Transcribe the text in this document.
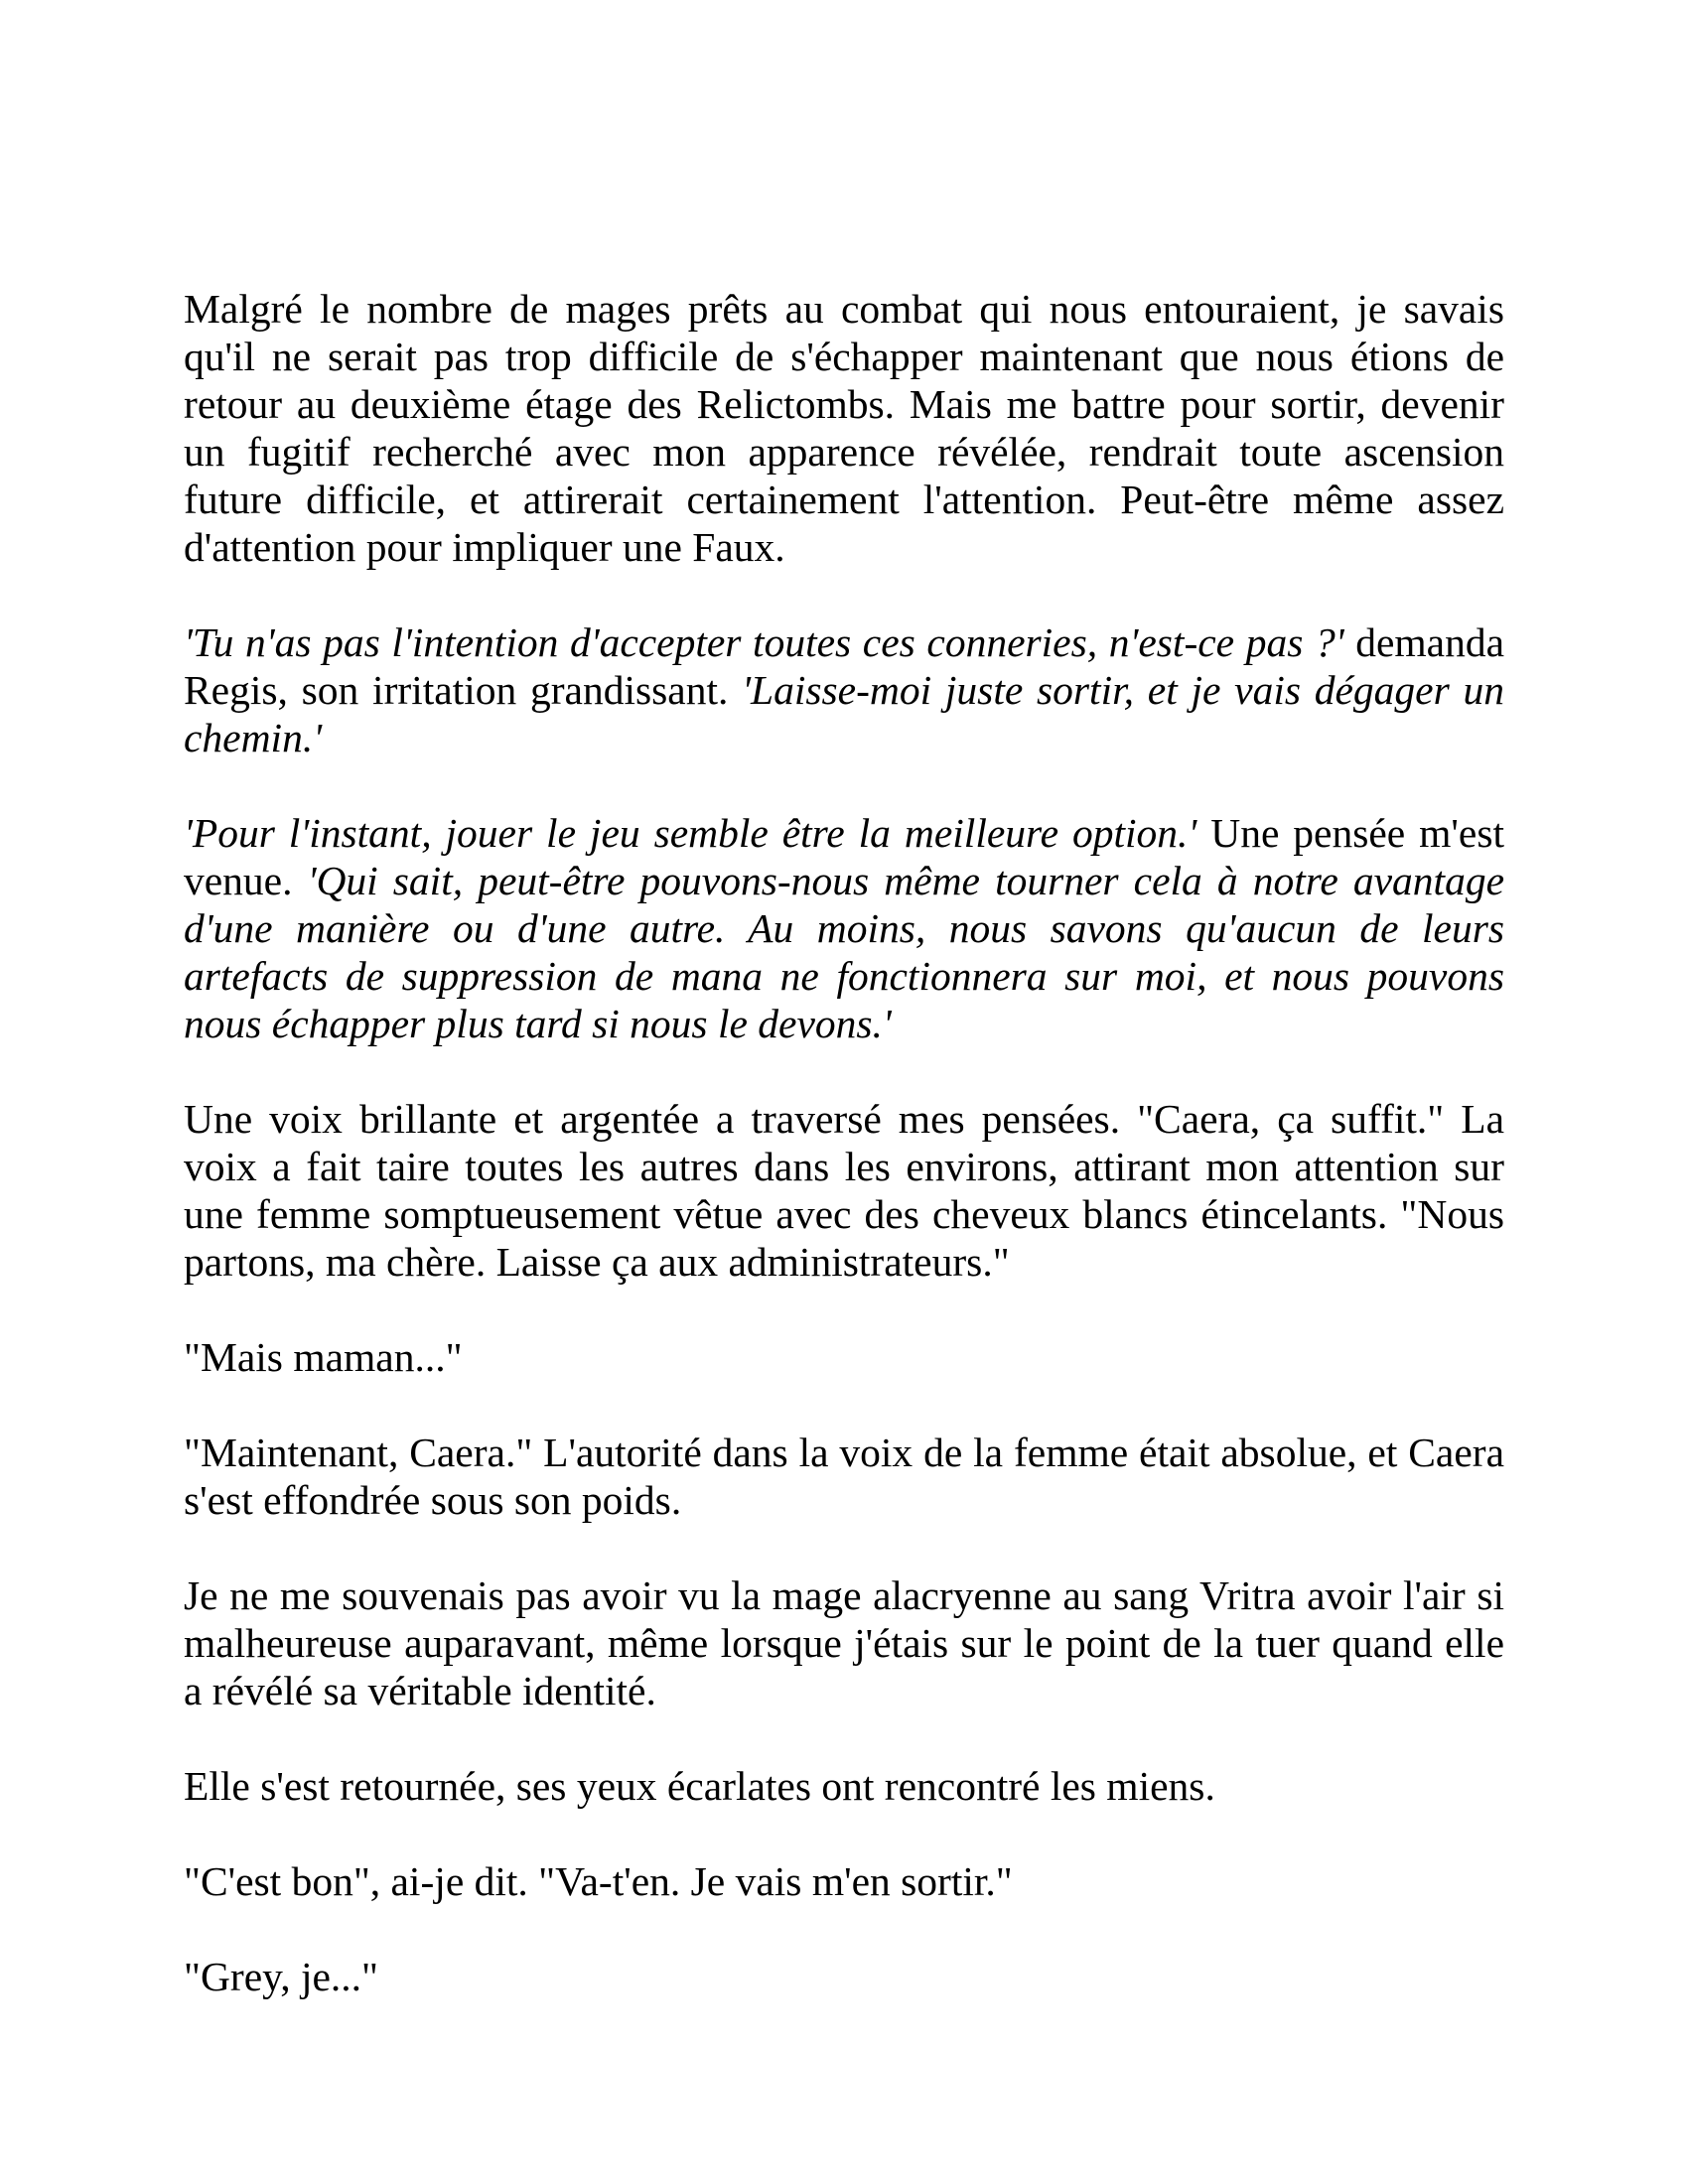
Malgré le nombre de mages prêts au combat qui nous entouraient, je savais qu'il ne serait pas trop difficile de s'échapper maintenant que nous étions de retour au deuxième étage des Relictombs. Mais me battre pour sortir, devenir un fugitif recherché avec mon apparence révélée, rendrait toute ascension future difficile, et attirerait certainement l'attention. Peut-être même assez d'attention pour impliquer une Faux.

'Tu n'as pas l'intention d'accepter toutes ces conneries, n'est-ce pas ?' demanda Regis, son irritation grandissant. 'Laisse-moi juste sortir, et je vais dégager un chemin.'

'Pour l'instant, jouer le jeu semble être la meilleure option.' Une pensée m'est venue. 'Qui sait, peut-être pouvons-nous même tourner cela à notre avantage d'une manière ou d'une autre. Au moins, nous savons qu'aucun de leurs artefacts de suppression de mana ne fonctionnera sur moi, et nous pouvons nous échapper plus tard si nous le devons.'

Une voix brillante et argentée a traversé mes pensées. "Caera, ça suffit." La voix a fait taire toutes les autres dans les environs, attirant mon attention sur une femme somptueusement vêtue avec des cheveux blancs étincelants. "Nous partons, ma chère. Laisse ça aux administrateurs."

"Mais maman..."

"Maintenant, Caera." L'autorité dans la voix de la femme était absolue, et Caera s'est effondrée sous son poids.

Je ne me souvenais pas avoir vu la mage alacryenne au sang Vritra avoir l'air si malheureuse auparavant, même lorsque j'étais sur le point de la tuer quand elle a révélé sa véritable identité.

Elle s'est retournée, ses yeux écarlates ont rencontré les miens.

"C'est bon", ai-je dit. "Va-t'en. Je vais m'en sortir."

"Grey, je..."
